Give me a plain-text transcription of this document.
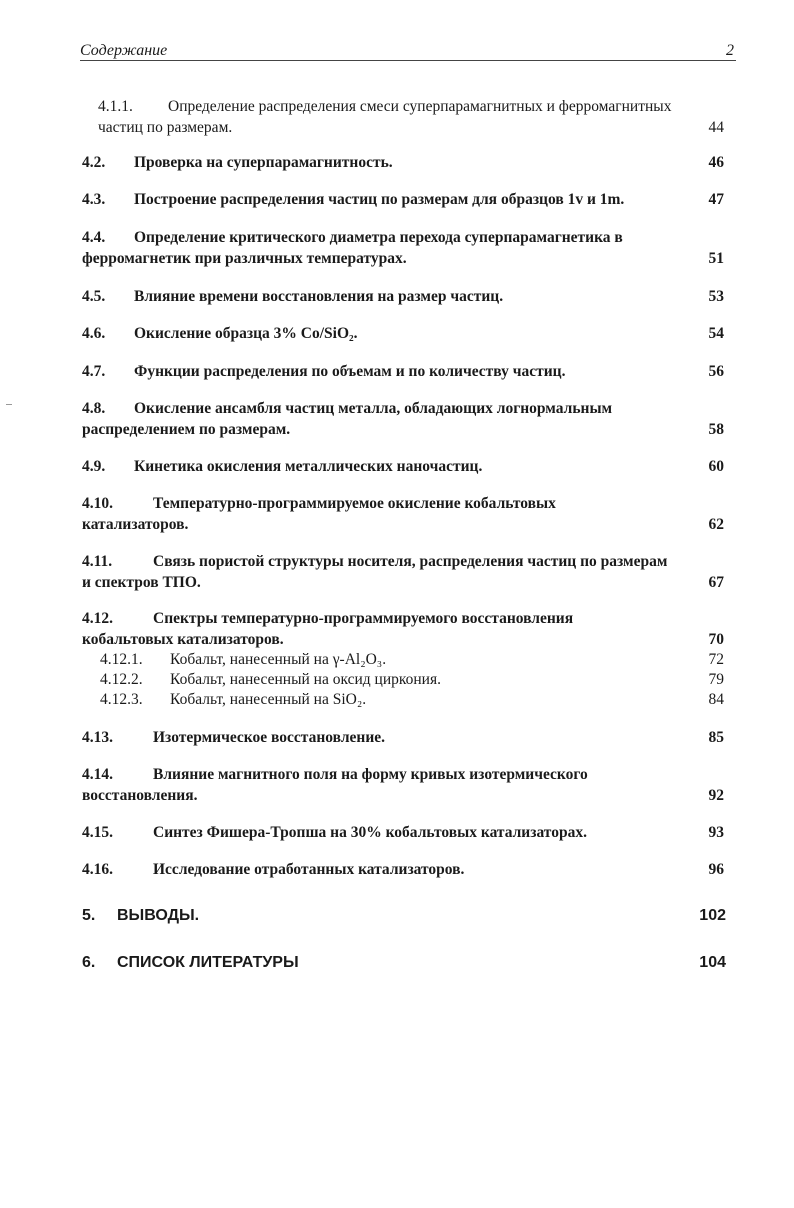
Содержание	2
4.1.1. Определение распределения смеси суперпарамагнитных и ферромагнитных частиц по размерам.	44
4.2. Проверка на суперпарамагнитность.	46
4.3. Построение распределения частиц по размерам для образцов 1v и 1m.	47
4.4. Определение критического диаметра перехода суперпарамагнетика в ферромагнетик при различных температурах.	51
4.5. Влияние времени восстановления на размер частиц.	53
4.6. Окисление образца 3% Co/SiO₂.	54
4.7. Функции распределения по объемам и по количеству частиц.	56
4.8. Окисление ансамбля частиц металла, обладающих логнормальным распределением по размерам.	58
4.9. Кинетика окисления металлических наночастиц.	60
4.10.	Температурно-программируемое окисление кобальтовых катализаторов.	62
4.11.	Связь пористой структуры носителя, распределения частиц по размерам и спектров ТПО.	67
4.12.	Спектры температурно-программируемого восстановления кобальтовых катализаторов.	70
4.12.1. Кобальт, нанесенный на γ-Al₂O₃.	72
4.12.2. Кобальт, нанесенный на оксид циркония.	79
4.12.3. Кобальт, нанесенный на SiO₂.	84
4.13.	Изотермическое восстановление.	85
4.14.	Влияние магнитного поля на форму кривых изотермического восстановления.	92
4.15.	Синтез Фишера-Тропша на 30% кобальтовых катализаторах.	93
4.16.	Исследование отработанных катализаторов.	96
5. ВЫВОДЫ.	102
6. СПИСОК ЛИТЕРАТУРЫ	104
